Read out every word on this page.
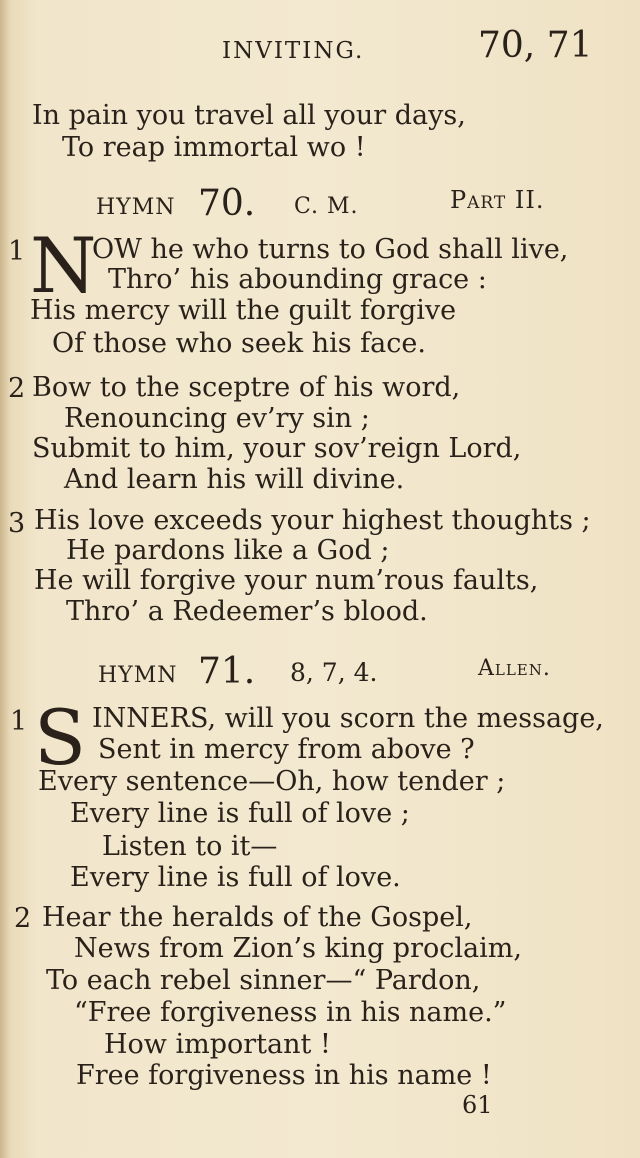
INVITING.	70, 71
In pain you travel all your days,
To reap immortal wo !
HYMN 70. C. M.	Part II.
1 N
OW he who turns to God shall live,
Thro’ his abounding grace :
His mercy will the guilt forgive
Of those who seek his face.
2 Bow to the sceptre of his word,
Renouncing ev’ry sin ;
Submit to him, your sov’reign Lord,
And learn his will divine.
3 His love exceeds your highest thoughts ;
He pardons like a God ;
He will forgive your num’rous faults,
Thro’ a Redeemer’s blood.
HYMN 71. 8, 7, 4.	Allen.
1 S INNERS, will you scorn the message,
Sent in mercy from above ?
Every sentence—Oh, how tender ;
Every line is full of love ;
Listen to it—
Every line is full of love.
2 Hear the heralds of the Gospel,
News from Zion’s king proclaim,
To each rebel sinner—“ Pardon,
“Free forgiveness in his name.”
How important !
Free forgiveness in his name !
61
